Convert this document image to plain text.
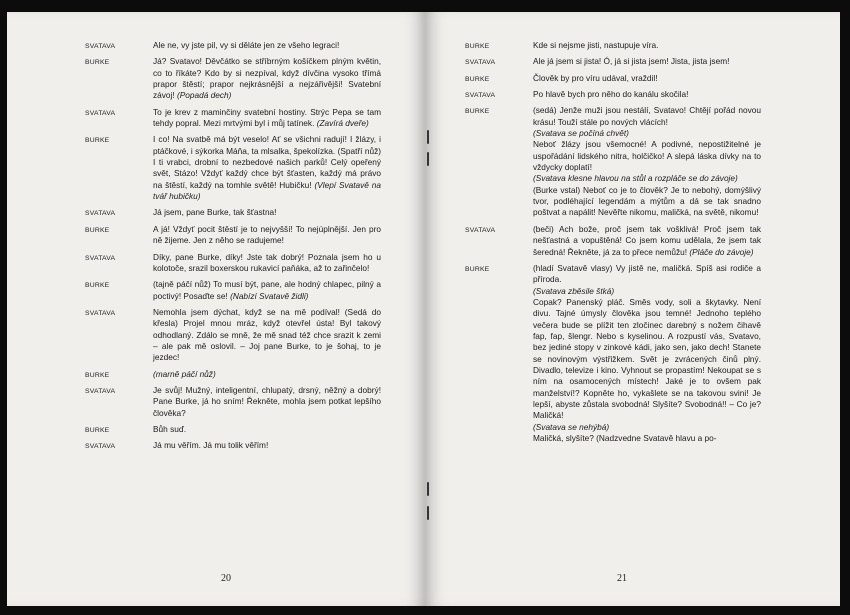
SVATAVA	Ale ne, vy jste pil, vy si děláte jen ze všeho legraci!
BURKE	Já? Svatavo! Děvčátko se stříbrným košíčkem plným květin, co to říkáte? Kdo by si nezpíval, když dívčina vysoko třímá prapor štěstí; prapor nejkrásnější a nejzářivější! Svatební závoj! (Popadá dech)
SVATAVA	To je krev z maminčiny svatební hostiny. Strýc Pepa se tam tehdy popral. Mezi mrtvými byl i můj tatínek. (Zavírá dveře)
BURKE	I co! Na svatbě má být veselo! Ať se všichni radují! I žlázy, i ptáčkové, i sýkorka Máňa, ta mlsalka, špekolízka. (Spatří nůž) I ti vrabci, drobní to nezbedové našich parků! Celý opeřený svět, Stázo! Vždyť každý chce být šťasten, každý má právo na štěstí, každý na tomhle světě! Hubičku! (Vlepí Svatavě na tvář hubičku)
SVATAVA	Já jsem, pane Burke, tak šťastna!
BURKE	A já! Vždyť pocit štěstí je to nejvyšší! To nejúplnější. Jen pro ně žijeme. Jen z něho se radujeme!
SVATAVA	Díky, pane Burke, díky! Jste tak dobrý! Poznala jsem ho u kolotoče, srazil boxerskou rukavicí paňáka, až to zařinčelo!
BURKE	(tajně páčí nůž) To musí být, pane, ale hodný chlapec, pilný a poctivý! Posaďte se! (Nabízí Svatavě židli)
SVATAVA	Nemohla jsem dýchat, když se na mě podíval! (Sedá do křesla) Projel mnou mráz, když otevřel ústa! Byl takový odhodlaný. Zdálo se mně, že mě snad též chce srazit k zemi – ale pak mě oslovil. – Joj pane Burke, to je šohaj, to je jezdec!
BURKE	(marně páčí nůž)
SVATAVA	Je svůj! Mužný, inteligentní, chlupatý, drsný, něžný a dobrý! Pane Burke, já ho sním! Řekněte, mohla jsem potkat lepšího člověka?
BURKE	Bůh suď.
SVATAVA	Já mu věřím. Já mu tolik věřím!
20
BURKE	Kde si nejsme jisti, nastupuje víra.
SVATAVA	Ale já jsem si jista! Ó, já si jista jsem! Jista, jista jsem!
BURKE	Člověk by pro víru udával, vraždil!
SVATAVA	Po hlavě bych pro něho do kanálu skočila!
BURKE	(sedá) Jenže muži jsou nestálí, Svatavo! Chtějí pořád novou krásu! Touží stále po nových vlácích!
(Svatava se počíná chvět)
Neboť žlázy jsou všemocné! A podivné, nepostižitelné je uspořádání lidského nitra, holčičko! A slepá láska dívky na to vždycky doplatí!
(Svatava klesne hlavou na stůl a rozpláče se do závoje)
(Burke vstal) Neboť co je to člověk? Je to nebohý, domýšlivý tvor, podléhající legendám a mýtům a dá se tak snadno poštvat a napálit! Nevěřte nikomu, maličká, na světě, nikomu!
SVATAVA	(beči) Ach bože, proč jsem tak vošklivá! Proč jsem tak nešťastná a vopuštěná! Co jsem komu udělala, že jsem tak šeredná! Řekněte, já za to přece nemůžu! (Pláče do závoje)
BURKE	(hladí Svatavě vlasy) Vy jistě ne, maličká. Spíš asi rodiče a příroda.
(Svatava zběsile štká)
Copak? Panenský pláč. Směs vody, soli a škytavky. Není divu. Tajné úmysly člověka jsou temné! Jednoho teplého večera bude se plížit ten zločinec darebný s nožem čihavě fap, fap, šlengr. Nebo s kyselinou. A rozpustí vás, Svatavo, bez jediné stopy v zinkové kádi, jako sen, jako dech! Stanete se novinovým výstřižkem. Svět je zvrácených činů plný. Divadlo, televize i kino. Vyhnout se propastím! Nekoupat se s ním na osamocených místech! Jaké je to ovšem pak manželství!? Kopněte ho, vykašlete se na takovou svini! Je lepší, abyste zůstala svobodná! Slyšíte? Svobodná!! – Co je? Maličká!
(Svatava se nehýbá)
Maličká, slyšíte? (Nadzvedne Svatavě hlavu a po-
21
